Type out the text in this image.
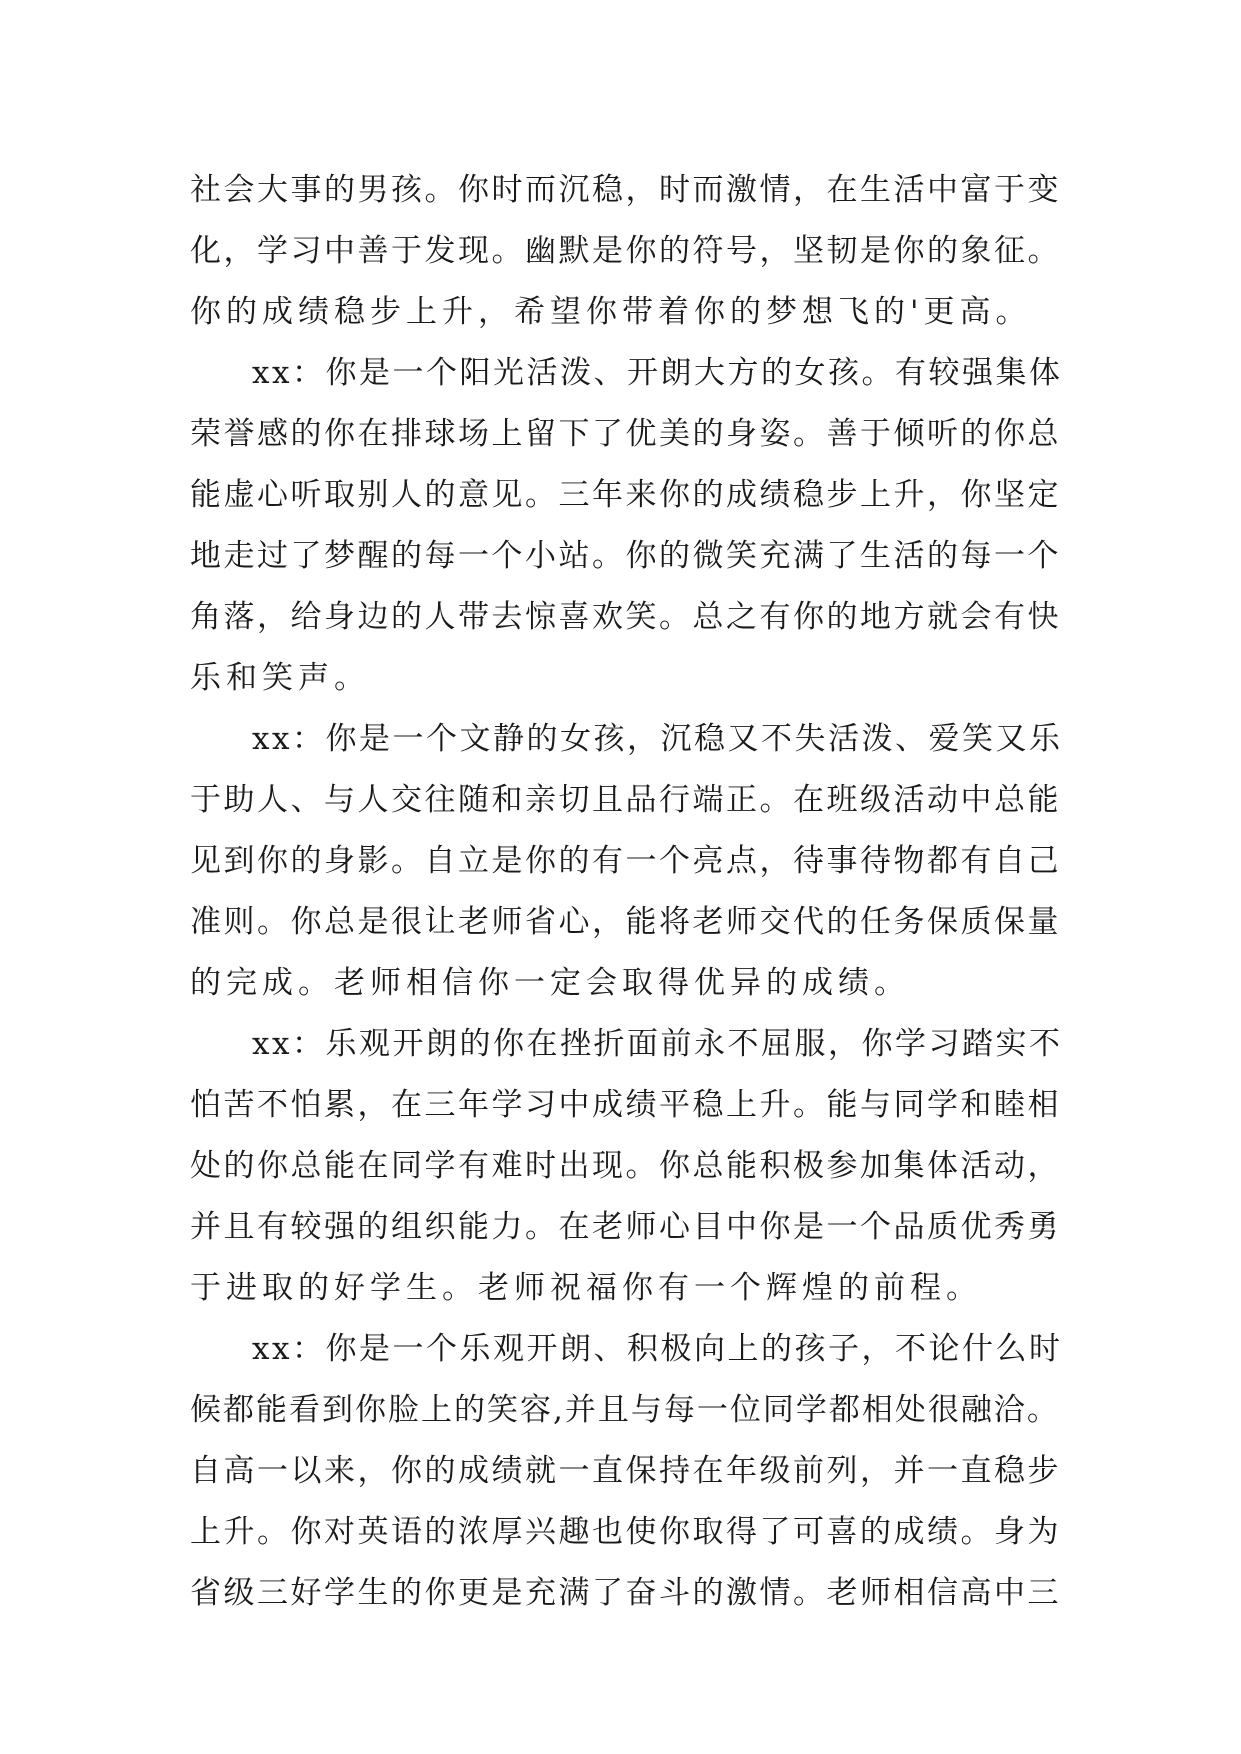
社会大事的男孩。你时而沉稳，时而激情，在生活中富于变
化，学习中善于发现。幽默是你的符号，坚韧是你的象征。
你的成绩稳步上升，希望你带着你的梦想飞的'更高。
xx：你是一个阳光活泼、开朗大方的女孩。有较强集体
荣誉感的你在排球场上留下了优美的身姿。善于倾听的你总
能虚心听取别人的意见。三年来你的成绩稳步上升，你坚定
地走过了梦醒的每一个小站。你的微笑充满了生活的每一个
角落，给身边的人带去惊喜欢笑。总之有你的地方就会有快
乐和笑声。
xx：你是一个文静的女孩，沉稳又不失活泼、爱笑又乐
于助人、与人交往随和亲切且品行端正。在班级活动中总能
见到你的身影。自立是你的有一个亮点，待事待物都有自己
准则。你总是很让老师省心，能将老师交代的任务保质保量
的完成。老师相信你一定会取得优异的成绩。
xx：乐观开朗的你在挫折面前永不屈服，你学习踏实不
怕苦不怕累，在三年学习中成绩平稳上升。能与同学和睦相
处的你总能在同学有难时出现。你总能积极参加集体活动，
并且有较强的组织能力。在老师心目中你是一个品质优秀勇
于进取的好学生。老师祝福你有一个辉煌的前程。
xx：你是一个乐观开朗、积极向上的孩子，不论什么时
候都能看到你脸上的笑容,并且与每一位同学都相处很融洽。
自高一以来，你的成绩就一直保持在年级前列，并一直稳步
上升。你对英语的浓厚兴趣也使你取得了可喜的成绩。身为
省级三好学生的你更是充满了奋斗的激情。老师相信高中三
